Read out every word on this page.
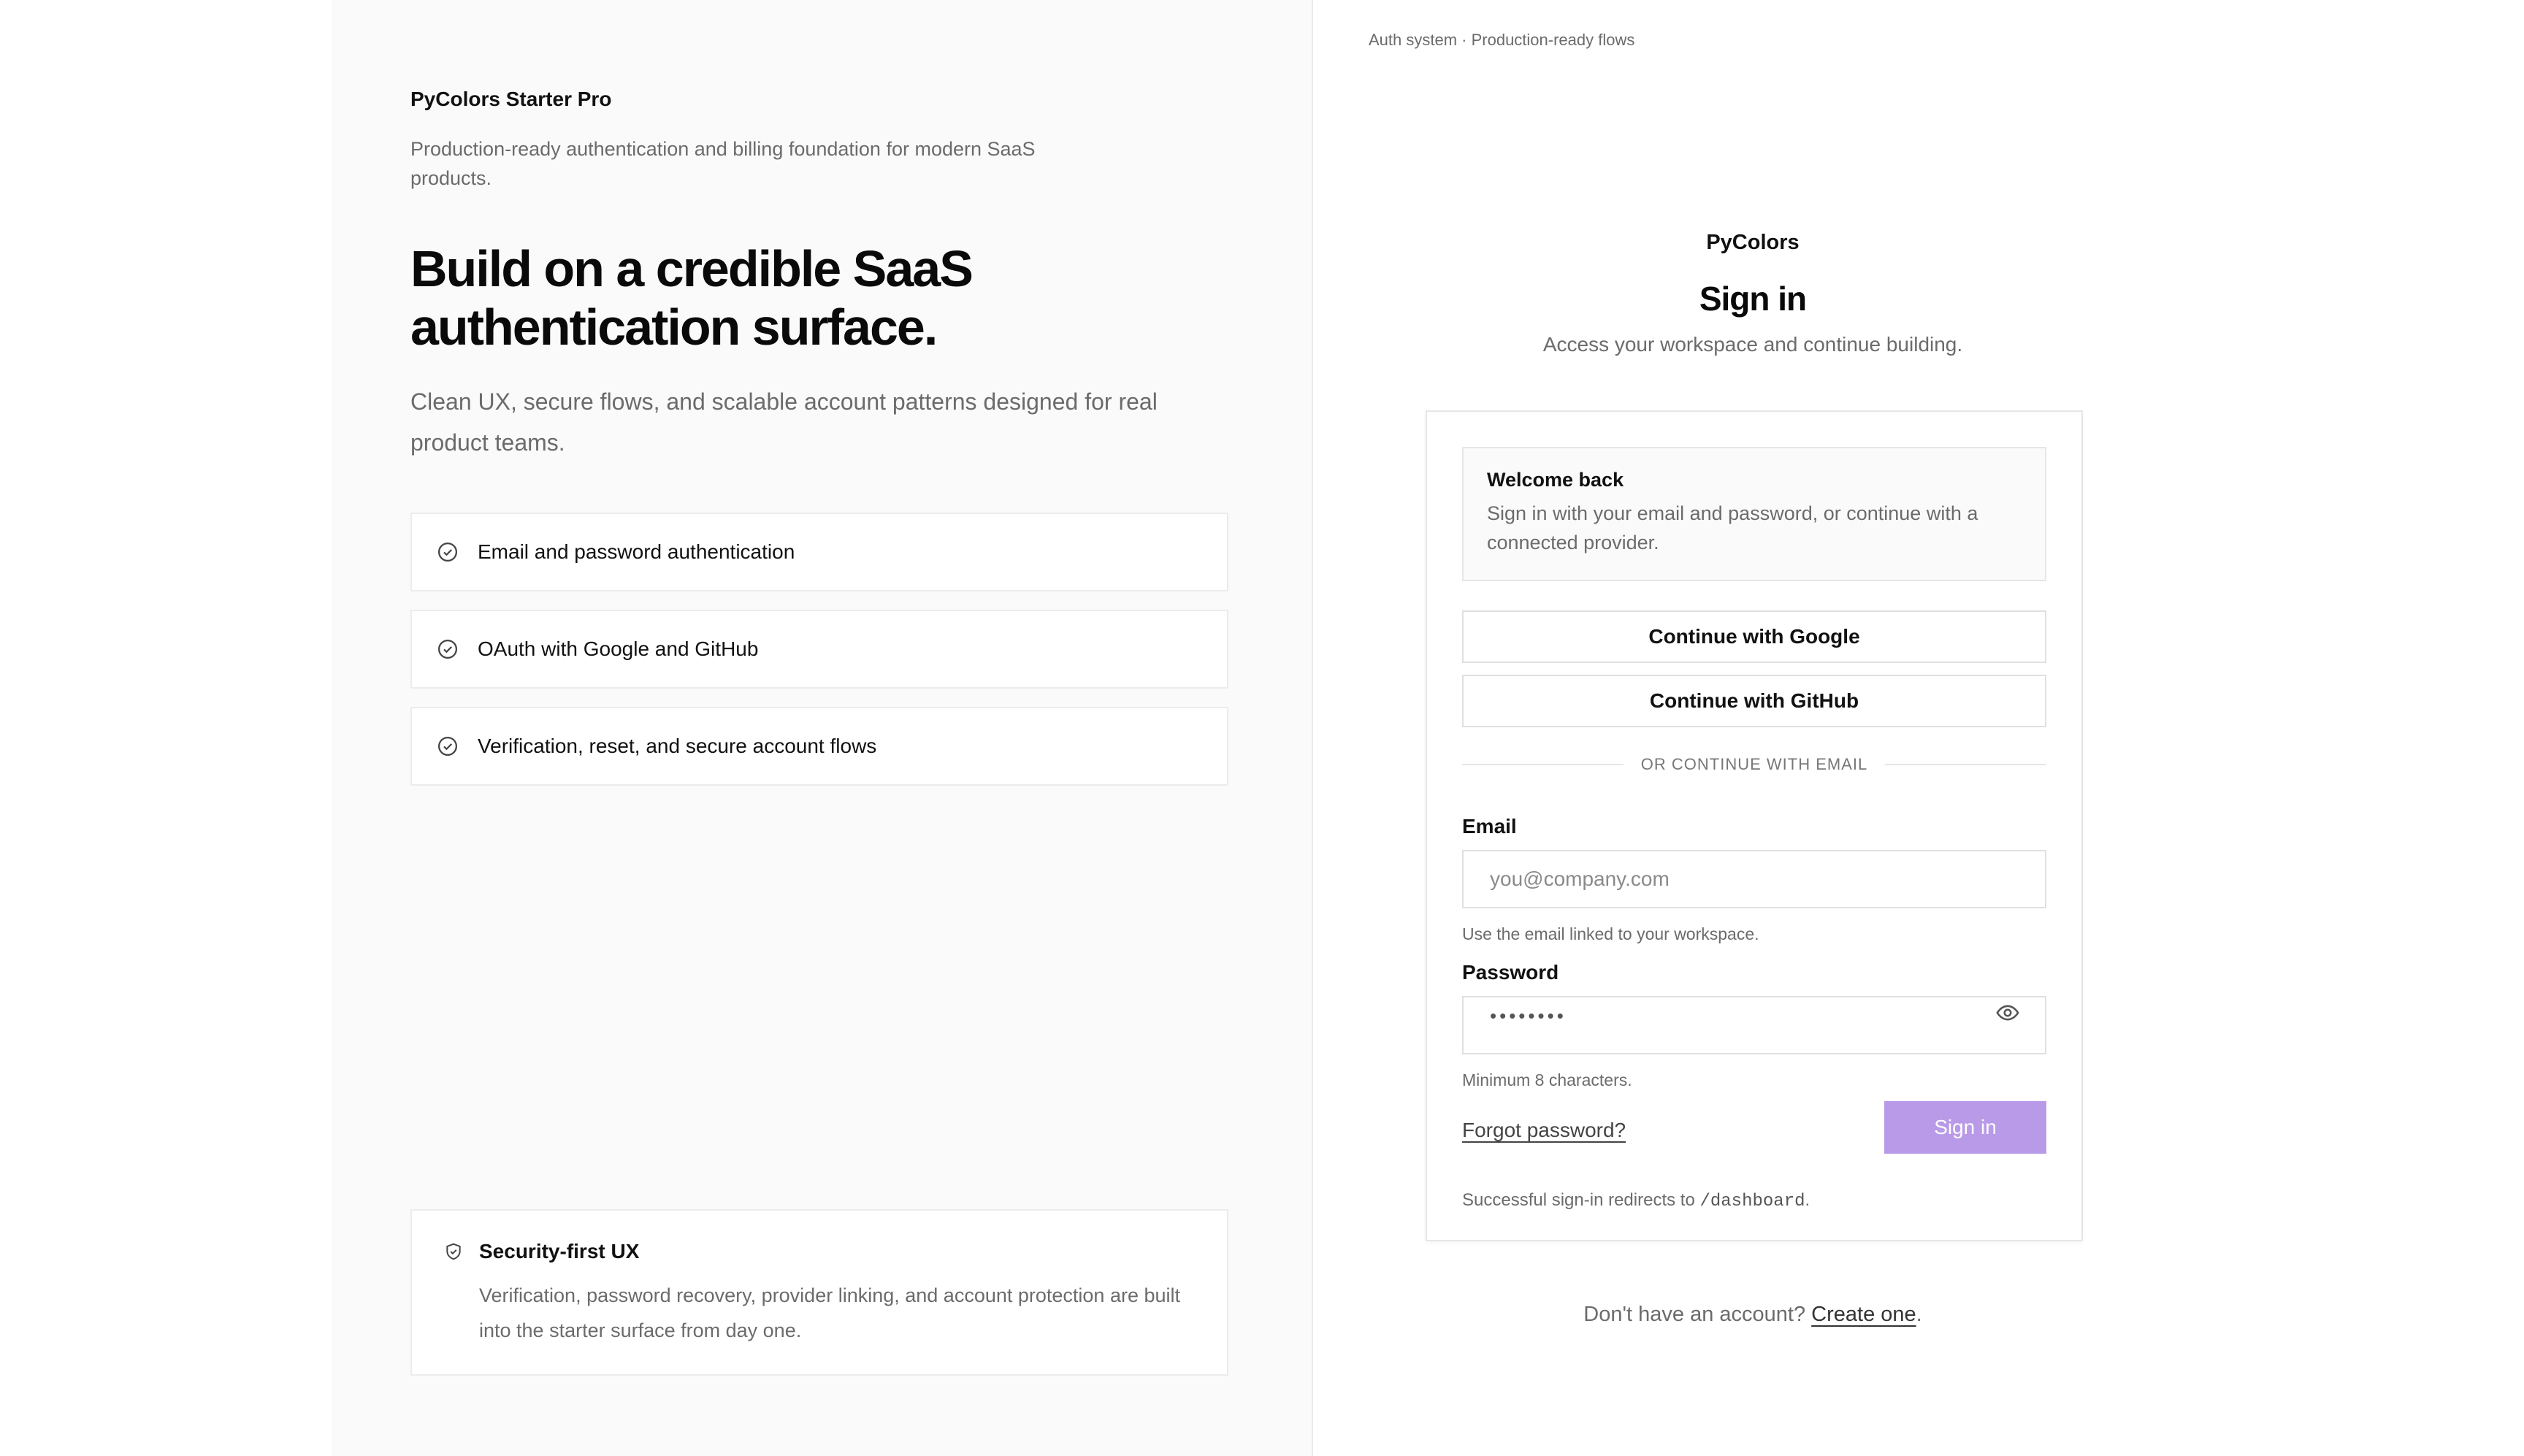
PyColors Starter Pro
Production-ready authentication and billing foundation for modern SaaS products.
Build on a credible SaaS authentication surface.

Clean UX, secure flows, and scalable account patterns designed for real product teams.

Email and password authentication
OAuth with Google and GitHub
Verification, reset, and secure account flows
Security-first UX

Verification, password recovery, provider linking, and account protection are built into the starter surface from day one.

Auth system · Production-ready flows
PyColors
Sign in

Access your workspace and continue building.

Welcome back

Sign in with your email and password, or continue with a connected provider.

Continue with Google
Continue with GitHub
OR CONTINUE WITH EMAIL
Email
you@company.com
Use the email linked to your workspace.
Password
••••••••
Minimum 8 characters.
Forgot password?	Sign in

Successful sign-in redirects to /dashboard.

Don't have an account? Create one.
